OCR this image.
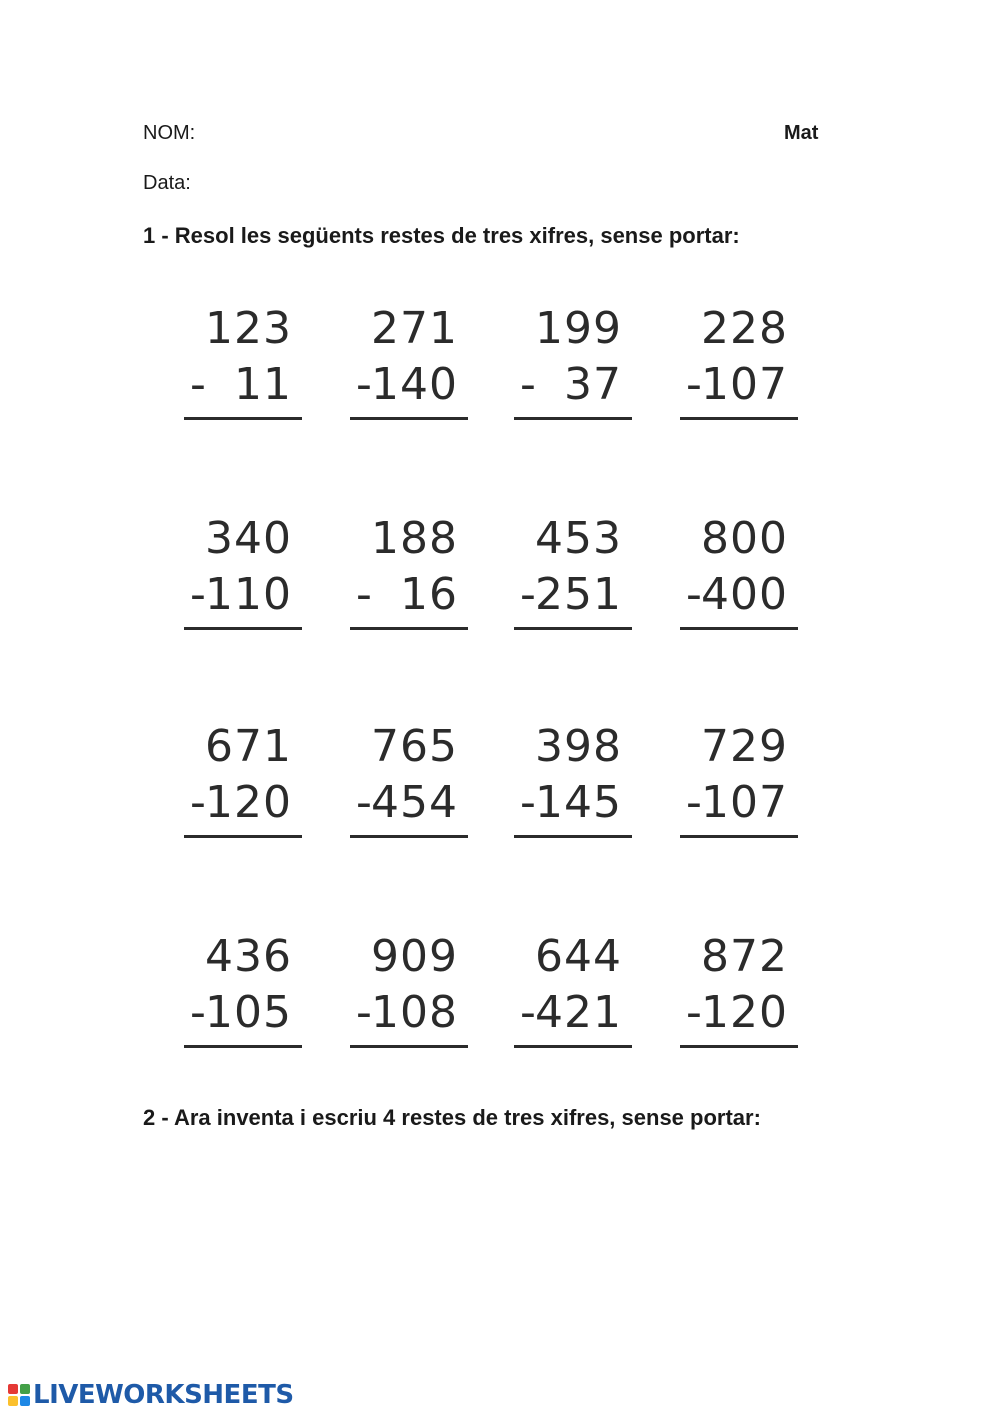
NOM:	Mat
Data:
1 - Resol les següents restes de tres xifres, sense portar:
123
- 11
271
- 140
199
- 37
228
- 107
340
- 110
188
- 16
453
- 251
800
- 400
671
- 120
765
- 454
398
- 145
729
- 107
436
- 105
909
- 108
644
- 421
872
- 120
2 - Ara inventa i escriu 4 restes de tres xifres, sense portar:
LIVEWORKSHEETS
